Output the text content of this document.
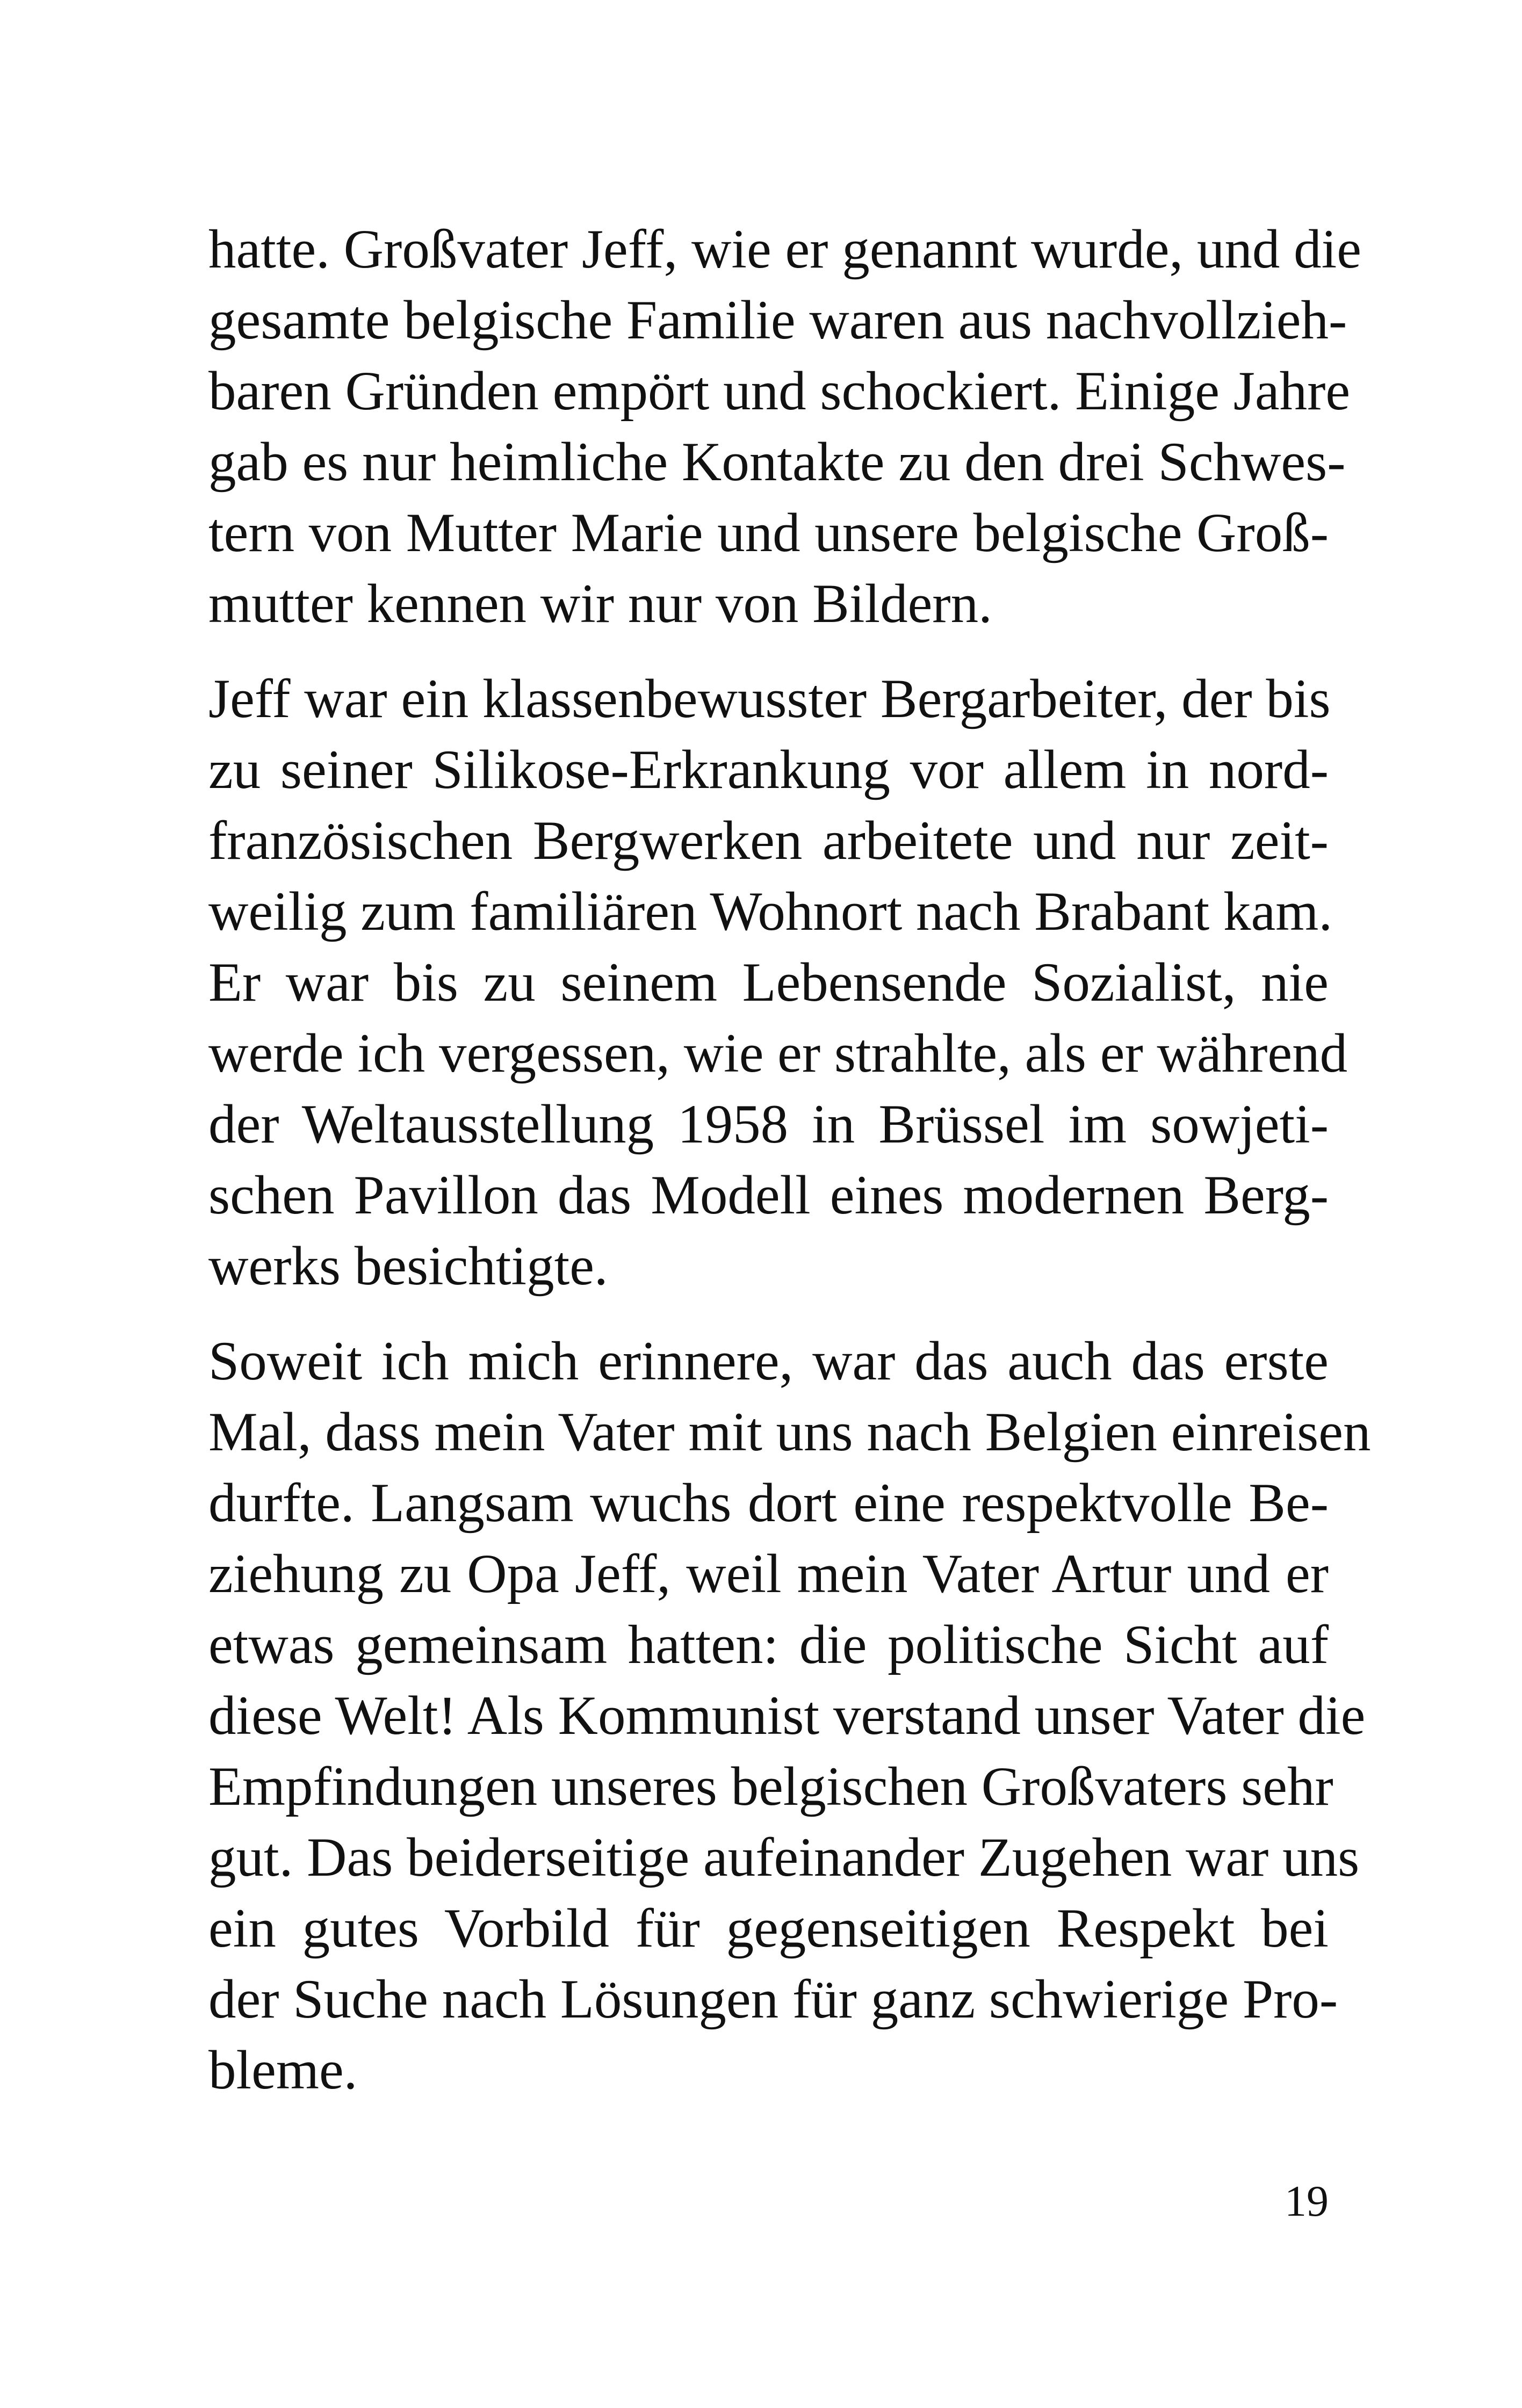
hatte. Großvater Jeff, wie er genannt wurde, und die
gesamte belgische Familie waren aus nachvollzieh-
baren Gründen empört und schockiert. Einige Jahre
gab es nur heimliche Kontakte zu den drei Schwes-
tern von Mutter Marie und unsere belgische Groß-
mutter kennen wir nur von Bildern.
Jeff war ein klassenbewusster Bergarbeiter, der bis
zu seiner Silikose-Erkrankung vor allem in nord-
französischen Bergwerken arbeitete und nur zeit-
weilig zum familiären Wohnort nach Brabant kam.
Er war bis zu seinem Lebensende Sozialist, nie
werde ich vergessen, wie er strahlte, als er während
der Weltausstellung 1958 in Brüssel im sowjeti-
schen Pavillon das Modell eines modernen Berg-
werks besichtigte.
Soweit ich mich erinnere, war das auch das erste
Mal, dass mein Vater mit uns nach Belgien einreisen
durfte. Langsam wuchs dort eine respektvolle Be-
ziehung zu Opa Jeff, weil mein Vater Artur und er
etwas gemeinsam hatten: die politische Sicht auf
diese Welt! Als Kommunist verstand unser Vater die
Empfindungen unseres belgischen Großvaters sehr
gut. Das beiderseitige aufeinander Zugehen war uns
ein gutes Vorbild für gegenseitigen Respekt bei
der Suche nach Lösungen für ganz schwierige Pro-
bleme.
19
